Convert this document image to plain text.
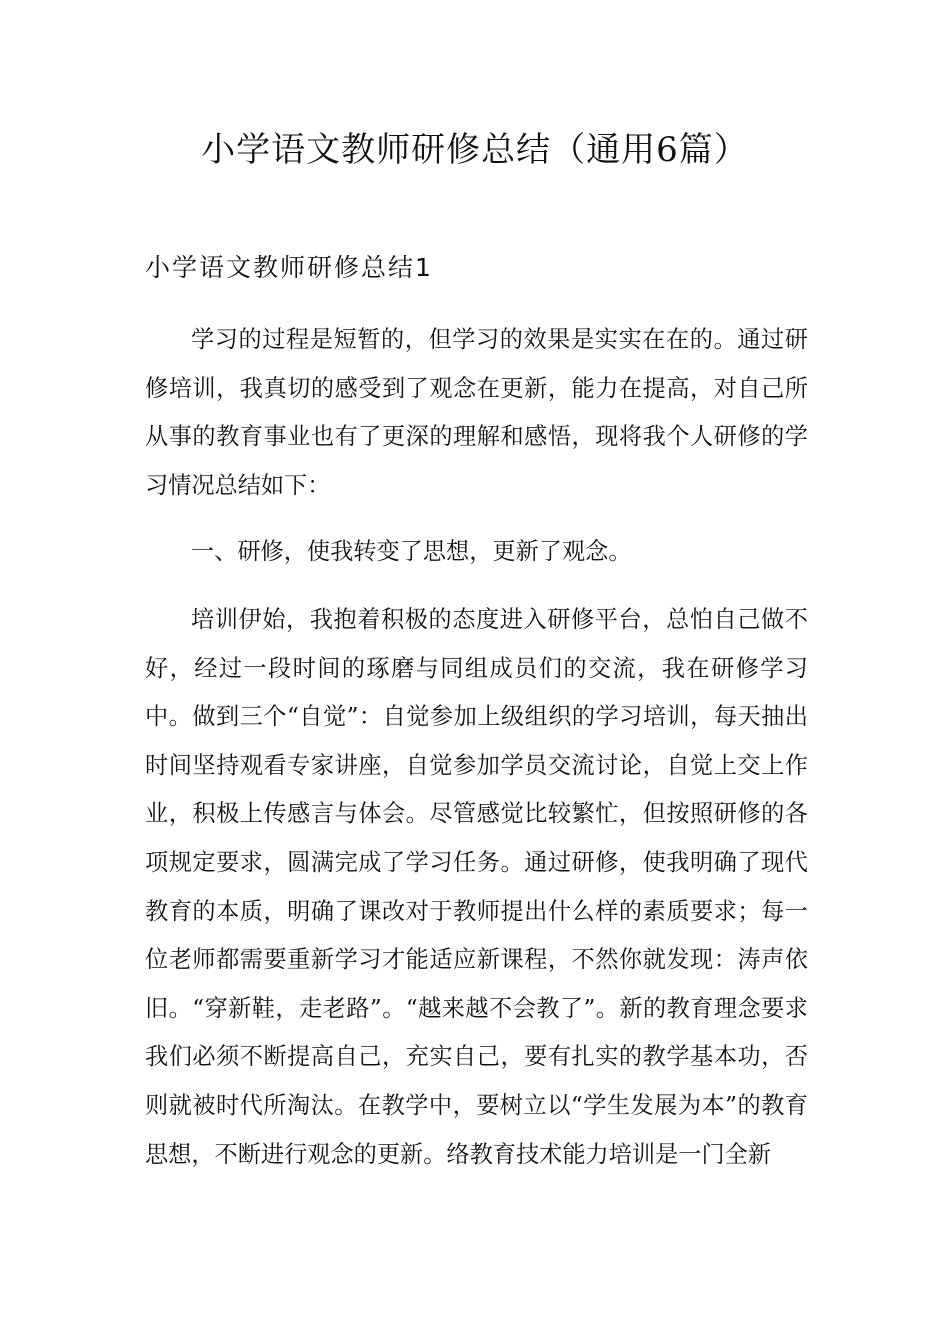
小学语文教师研修总结（通用6篇）
小学语文教师研修总结1

学习的过程是短暂的，但学习的效果是实实在在的。通过研修培训，我真切的感受到了观念在更新，能力在提高，对自己所从事的教育事业也有了更深的理解和感悟，现将我个人研修的学习情况总结如下：

一、研修，使我转变了思想，更新了观念。

培训伊始，我抱着积极的态度进入研修平台，总怕自己做不好，经过一段时间的琢磨与同组成员们的交流，我在研修学习中。做到三个“自觉”：自觉参加上级组织的学习培训，每天抽出时间坚持观看专家讲座，自觉参加学员交流讨论，自觉上交上作业，积极上传感言与体会。尽管感觉比较繁忙，但按照研修的各项规定要求，圆满完成了学习任务。通过研修，使我明确了现代教育的本质，明确了课改对于教师提出什么样的素质要求；每一位老师都需要重新学习才能适应新课程，不然你就发现：涛声依旧。“穿新鞋，走老路”。“越来越不会教了”。新的教育理念要求我们必须不断提高自己，充实自己，要有扎实的教学基本功，否则就被时代所淘汰。在教学中，要树立以“学生发展为本”的教育思想，不断进行观念的更新。络教育技术能力培训是一门全新
